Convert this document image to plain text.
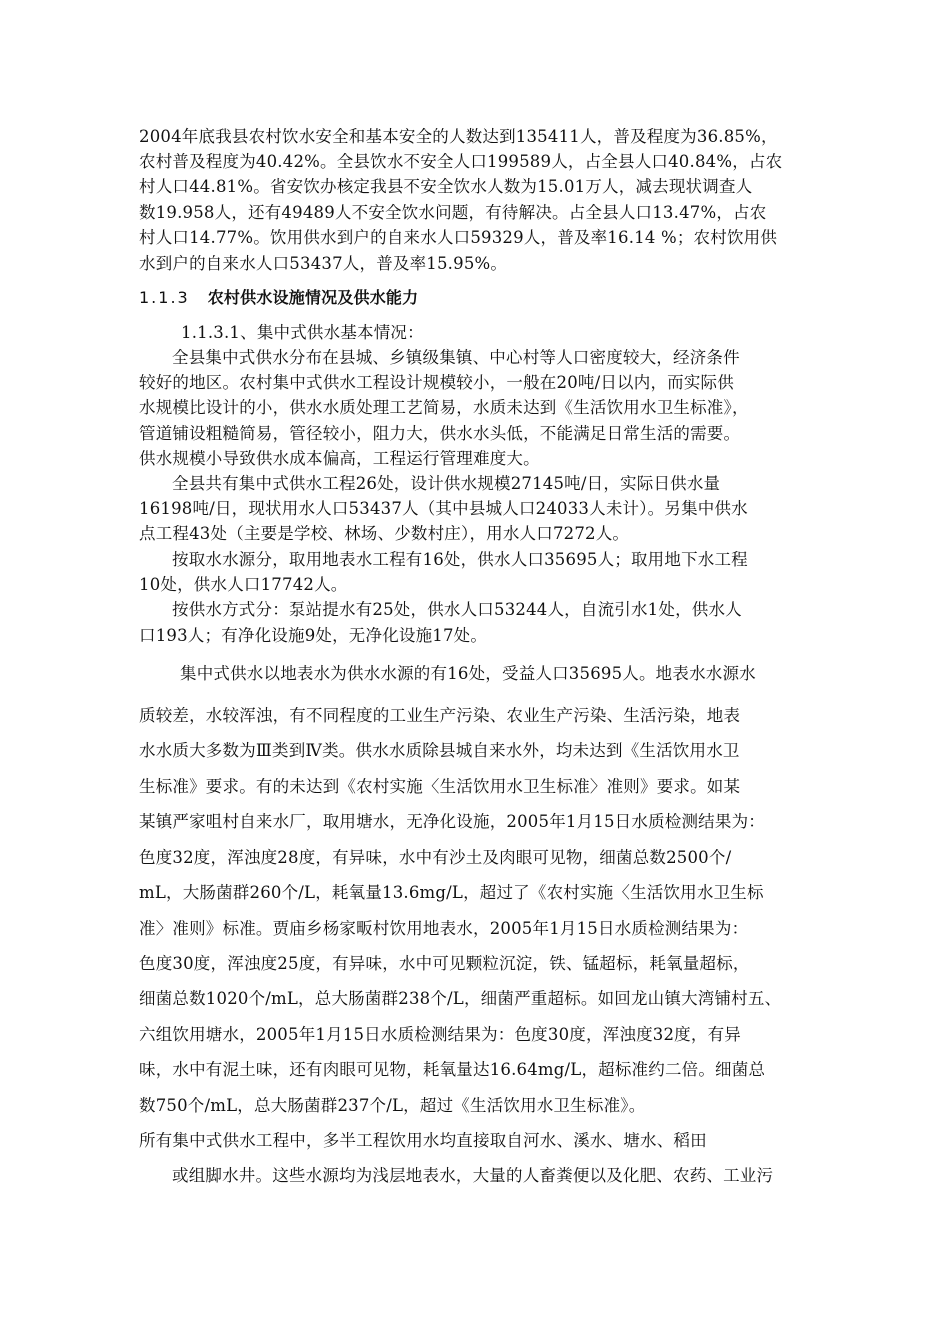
2004年底我县农村饮水安全和基本安全的人数达到135411人，普及程度为36.85%，
农村普及程度为40.42%。全县饮水不安全人口199589人，占全县人口40.84%，占农
村人口44.81%。省安饮办核定我县不安全饮水人数为15.01万人，减去现状调查人
数19.958人，还有49489人不安全饮水问题，有待解决。占全县人口13.47%，占农
村人口14.77%。饮用供水到户的自来水人口59329人，普及率16.14 %；农村饮用供
水到户的自来水人口53437人，普及率15.95%。
1.1.3 农村供水设施情况及供水能力
1.1.3.1、集中式供水基本情况：
全县集中式供水分布在县城、乡镇级集镇、中心村等人口密度较大，经济条件
较好的地区。农村集中式供水工程设计规模较小，一般在20吨/日以内，而实际供
水规模比设计的小，供水水质处理工艺简易，水质未达到《生活饮用水卫生标准》，
管道铺设粗糙简易，管径较小，阻力大，供水水头低，不能满足日常生活的需要。
供水规模小导致供水成本偏高，工程运行管理难度大。
全县共有集中式供水工程26处，设计供水规模27145吨/日，实际日供水量
16198吨/日，现状用水人口53437人（其中县城人口24033人未计）。另集中供水
点工程43处（主要是学校、林场、少数村庄），用水人口7272人。
按取水水源分，取用地表水工程有16处，供水人口35695人；取用地下水工程
10处，供水人口17742人。
按供水方式分：泵站提水有25处，供水人口53244人，自流引水1处，供水人
口193人；有净化设施9处，无净化设施17处。
集中式供水以地表水为供水水源的有16处，受益人口35695人。地表水水源水
质较差，水较浑浊，有不同程度的工业生产污染、农业生产污染、生活污染，地表
水水质大多数为Ⅲ类到Ⅳ类。供水水质除县城自来水外，均未达到《生活饮用水卫
生标准》要求。有的未达到《农村实施〈生活饮用水卫生标准〉准则》要求。如某
某镇严家咀村自来水厂，取用塘水，无净化设施，2005年1月15日水质检测结果为：
色度32度，浑浊度28度，有异味，水中有沙土及肉眼可见物，细菌总数2500个/
mL，大肠菌群260个/L，耗氧量13.6mg/L，超过了《农村实施〈生活饮用水卫生标
准〉准则》标准。贾庙乡杨家畈村饮用地表水，2005年1月15日水质检测结果为：
色度30度，浑浊度25度，有异味，水中可见颗粒沉淀，铁、锰超标，耗氧量超标，
细菌总数1020个/mL，总大肠菌群238个/L，细菌严重超标。如回龙山镇大湾铺村五、
六组饮用塘水，2005年1月15日水质检测结果为：色度30度，浑浊度32度，有异
味，水中有泥土味，还有肉眼可见物，耗氧量达16.64mg/L，超标准约二倍。细菌总
数750个/mL，总大肠菌群237个/L，超过《生活饮用水卫生标准》。
所有集中式供水工程中，多半工程饮用水均直接取自河水、溪水、塘水、稻田
或组脚水井。这些水源均为浅层地表水，大量的人畜粪便以及化肥、农药、工业污
